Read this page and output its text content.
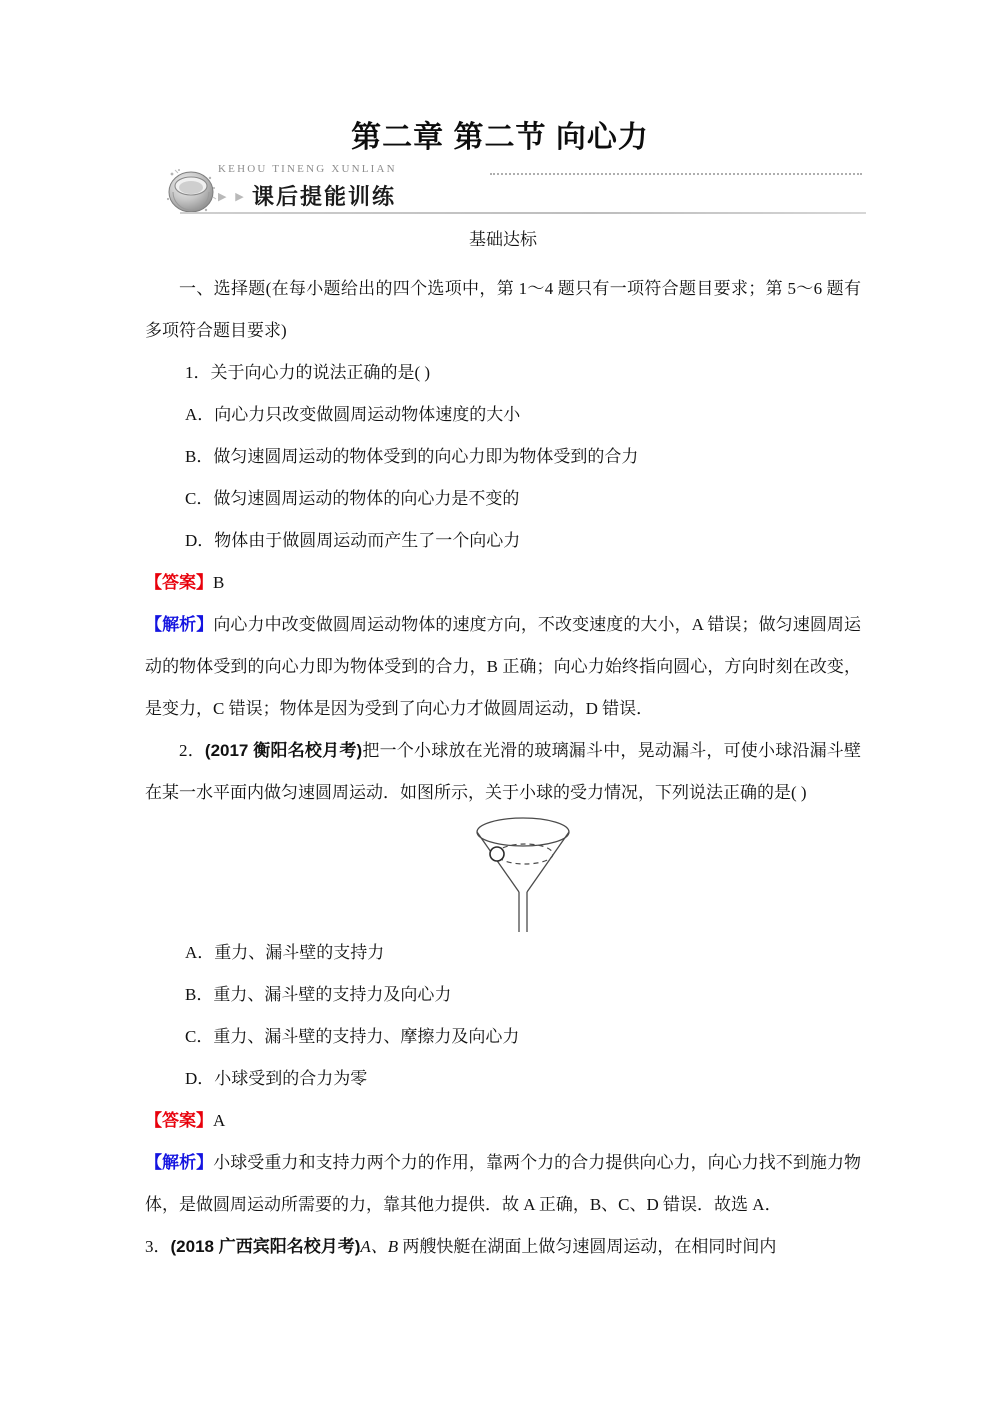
第二章 第二节 向心力
KEHOU TINENG XUNLIAN
▶ ▶ 课后提能训练
基础达标

一、选择题(在每小题给出的四个选项中，第 1～4 题只有一项符合题目要求；第 5～6 题有多项符合题目要求)

1．关于向心力的说法正确的是( )

A．向心力只改变做圆周运动物体速度的大小

B．做匀速圆周运动的物体受到的向心力即为物体受到的合力

C．做匀速圆周运动的物体的向心力是不变的

D．物体由于做圆周运动而产生了一个向心力

【答案】B

【解析】向心力中改变做圆周运动物体的速度方向，不改变速度的大小，A 错误；做匀速圆周运动的物体受到的向心力即为物体受到的合力，B 正确；向心力始终指向圆心，方向时刻在改变，是变力，C 错误；物体是因为受到了向心力才做圆周运动，D 错误．

2．(2017 衡阳名校月考)把一个小球放在光滑的玻璃漏斗中，晃动漏斗，可使小球沿漏斗壁在某一水平面内做匀速圆周运动．如图所示，关于小球的受力情况，下列说法正确的是( )

A．重力、漏斗壁的支持力

B．重力、漏斗壁的支持力及向心力

C．重力、漏斗壁的支持力、摩擦力及向心力

D．小球受到的合力为零

【答案】A

【解析】小球受重力和支持力两个力的作用，靠两个力的合力提供向心力，向心力找不到施力物体，是做圆周运动所需要的力，靠其他力提供．故 A 正确，B、C、D 错误．故选 A．

3．(2018 广西宾阳名校月考)A、B 两艘快艇在湖面上做匀速圆周运动，在相同时间内
